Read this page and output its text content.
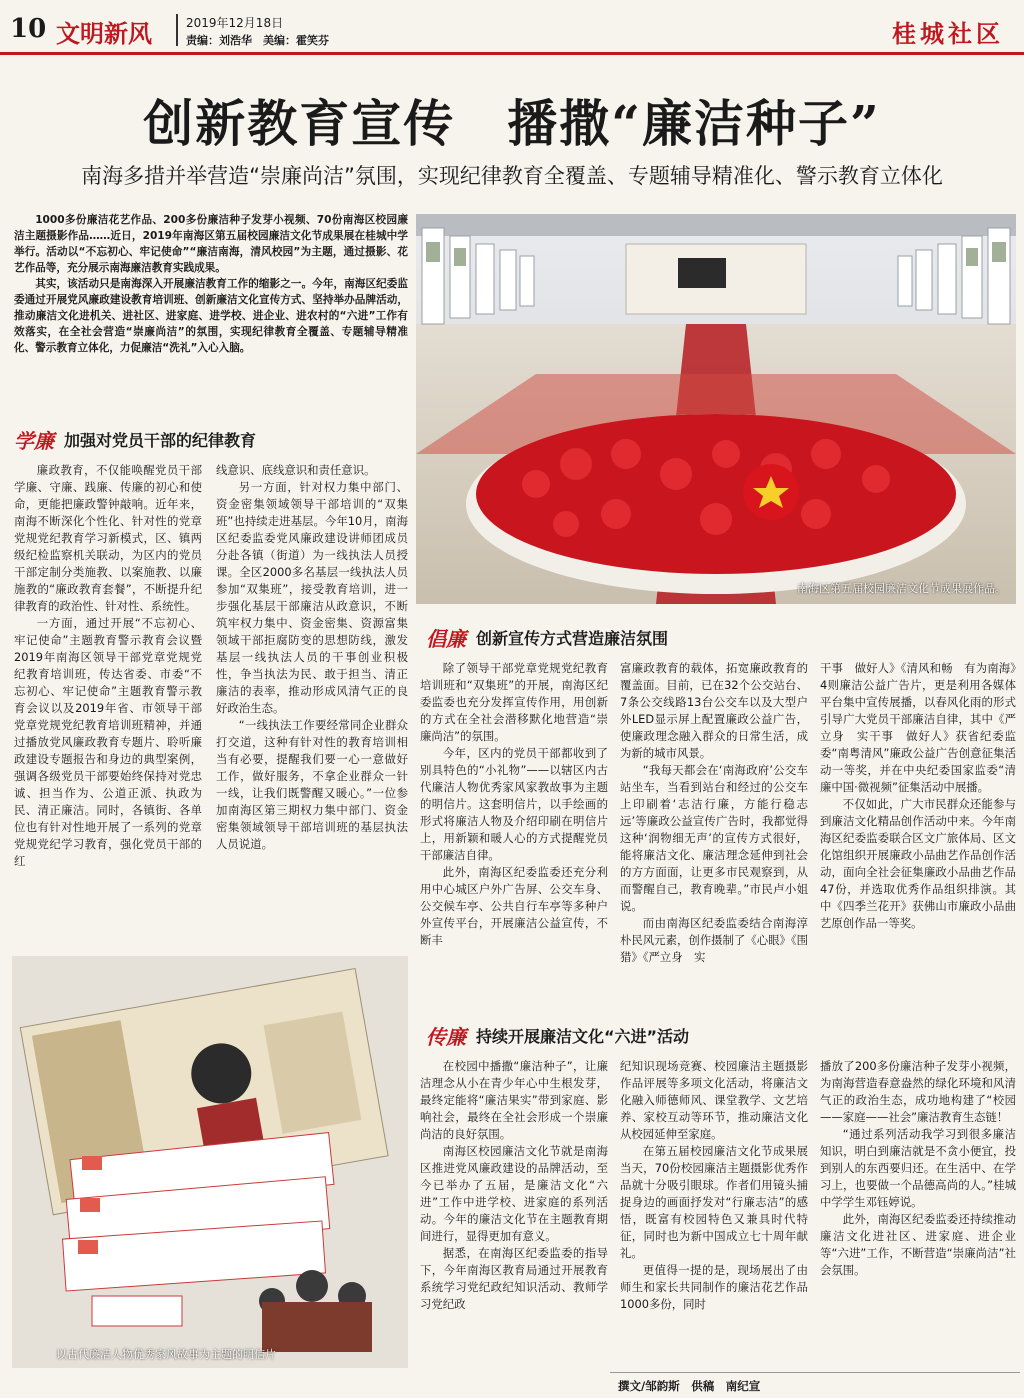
10 文明新风	2019年12月18日
责编：刘浩华　美编：霍笑芬	桂城社区
创新教育宣传　播撒“廉洁种子”
南海多措并举营造“崇廉尚洁”氛围，实现纪律教育全覆盖、专题辅导精准化、警示教育立体化

1000多份廉洁花艺作品、200多份廉洁种子发芽小视频、70份南海区校园廉洁主题摄影作品……近日，2019年南海区第五届校园廉洁文化节成果展在桂城中学举行。活动以“不忘初心、牢记使命”“廉洁南海，清风校园”为主题，通过摄影、花艺作品等，充分展示南海廉洁教育实践成果。

其实，该活动只是南海深入开展廉洁教育工作的缩影之一。今年，南海区纪委监委通过开展党风廉政建设教育培训班、创新廉洁文化宣传方式、坚持举办品牌活动，推动廉洁文化进机关、进社区、进家庭、进学校、进企业、进农村的“六进”工作有效落实，在全社会营造“崇廉尚洁”的氛围，实现纪律教育全覆盖、专题辅导精准化、警示教育立体化，力促廉洁“洗礼”入心入脑。

南海区第五届校园廉洁文化节成果展作品。
学廉 加强对党员干部的纪律教育

廉政教育，不仅能唤醒党员干部学廉、守廉、践廉、传廉的初心和使命，更能把廉政警钟敲响。近年来，南海不断深化个性化、针对性的党章党规党纪教育学习新模式，区、镇两级纪检监察机关联动，为区内的党员干部定制分类施教、以案施教、以廉施教的“廉政教育套餐”，不断提升纪律教育的政治性、针对性、系统性。

一方面，通过开展“不忘初心、牢记使命”主题教育警示教育会议暨2019年南海区领导干部党章党规党纪教育培训班，传达省委、市委“不忘初心、牢记使命”主题教育警示教育会议以及2019年省、市领导干部党章党规党纪教育培训班精神，并通过播放党风廉政教育专题片、聆听廉政建设专题报告和身边的典型案例，强调各级党员干部要始终保持对党忠诚、担当作为、公道正派、执政为民、清正廉洁。同时，各镇街、各单位也有针对性地开展了一系列的党章党规党纪学习教育，强化党员干部的红

线意识、底线意识和责任意识。

另一方面，针对权力集中部门、资金密集领域领导干部培训的“双集班”也持续走进基层。今年10月，南海区纪委监委党风廉政建设讲师团成员分赴各镇（街道）为一线执法人员授课。全区2000多名基层一线执法人员参加“双集班”，接受教育培训，进一步强化基层干部廉洁从政意识，不断筑牢权力集中、资金密集、资源富集领域干部拒腐防变的思想防线，激发基层一线执法人员的干事创业积极性，争当执法为民、敢于担当、清正廉洁的表率，推动形成风清气正的良好政治生态。

“一线执法工作要经常同企业群众打交道，这种有针对性的教育培训相当有必要，提醒我们要一心一意做好工作，做好服务，不拿企业群众一针一线，让我们既警醒又暖心。”一位参加南海区第三期权力集中部门、资金密集领域领导干部培训班的基层执法人员说道。

以古代廉洁人物优秀家风故事为主题的明信片
倡廉 创新宣传方式营造廉洁氛围

除了领导干部党章党规党纪教育培训班和“双集班”的开展，南海区纪委监委也充分发挥宣传作用，用创新的方式在全社会潜移默化地营造“崇廉尚洁”的氛围。

今年，区内的党员干部都收到了别具特色的“小礼物”——以辖区内古代廉洁人物优秀家风家教故事为主题的明信片。这套明信片，以手绘画的形式将廉洁人物及介绍印刷在明信片上，用新颖和暖人心的方式提醒党员干部廉洁自律。

此外，南海区纪委监委还充分利用中心城区户外广告屏、公交车身、公交候车亭、公共自行车亭等多种户外宣传平台，开展廉洁公益宣传，不断丰

富廉政教育的载体，拓宽廉政教育的覆盖面。目前，已在32个公交站台、7条公交线路13台公交车以及大型户外LED显示屏上配置廉政公益广告，使廉政理念融入群众的日常生活，成为新的城市风景。

“我每天都会在‘南海政府’公交车站坐车，当看到站台和经过的公交车上印刷着‘志洁行廉，方能行稳志远’等廉政公益宣传广告时，我都觉得这种‘润物细无声’的宣传方式很好，能将廉洁文化、廉洁理念延伸到社会的方方面面，让更多市民观察到，从而警醒自己，教育晚辈。”市民卢小姐说。

而由南海区纪委监委结合南海淳朴民风元素，创作摄制了《心眼》《围猎》《严立身　实

干事　做好人》《清风和畅　有为南海》4则廉洁公益广告片，更是利用各媒体平台集中宣传展播，以春风化雨的形式引导广大党员干部廉洁自律，其中《严立身　实干事　做好人》获省纪委监委“南粤清风”廉政公益广告创意征集活动一等奖，并在中央纪委国家监委“清廉中国·微视频”征集活动中展播。

不仅如此，广大市民群众还能参与到廉洁文化精品创作活动中来。今年南海区纪委监委联合区文广旅体局、区文化馆组织开展廉政小品曲艺作品创作活动，面向全社会征集廉政小品曲艺作品47份，并选取优秀作品组织排演。其中《四季兰花开》获佛山市廉政小品曲艺原创作品一等奖。

传廉 持续开展廉洁文化“六进”活动

在校园中播撒“廉洁种子”，让廉洁理念从小在青少年心中生根发芽，最终定能将“廉洁果实”带到家庭、影响社会，最终在全社会形成一个崇廉尚洁的良好氛围。

南海区校园廉洁文化节就是南海区推进党风廉政建设的品牌活动，至今已举办了五届，是廉洁文化“六进”工作中进学校、进家庭的系列活动。今年的廉洁文化节在主题教育期间进行，显得更加有意义。

据悉，在南海区纪委监委的指导下，今年南海区教育局通过开展教育系统学习党纪政纪知识活动、教师学习党纪政

纪知识现场竞赛、校园廉洁主题摄影作品评展等多项文化活动，将廉洁文化融入师德师风、课堂教学、文艺培养、家校互动等环节，推动廉洁文化从校园延伸至家庭。

在第五届校园廉洁文化节成果展当天，70份校园廉洁主题摄影优秀作品就十分吸引眼球。作者们用镜头捕捉身边的画面抒发对“行廉志洁”的感悟，既富有校园特色又兼具时代特征，同时也为新中国成立七十周年献礼。

更值得一提的是，现场展出了由师生和家长共同制作的廉洁花艺作品1000多份，同时

播放了200多份廉洁种子发芽小视频，为南海营造春意盎然的绿化环境和风清气正的政治生态，成功地构建了“校园——家庭——社会”廉洁教育生态链！

“通过系列活动我学习到很多廉洁知识，明白到廉洁就是不贪小便宜，投到别人的东西要归还。在生活中、在学习上，也要做一个品德高尚的人。”桂城中学学生邓钰婷说。

此外，南海区纪委监委还持续推动廉洁文化进社区、进家庭、进企业等“六进”工作，不断营造“崇廉尚洁”社会氛围。

撰文/邹韵斯　供稿　南纪宣
